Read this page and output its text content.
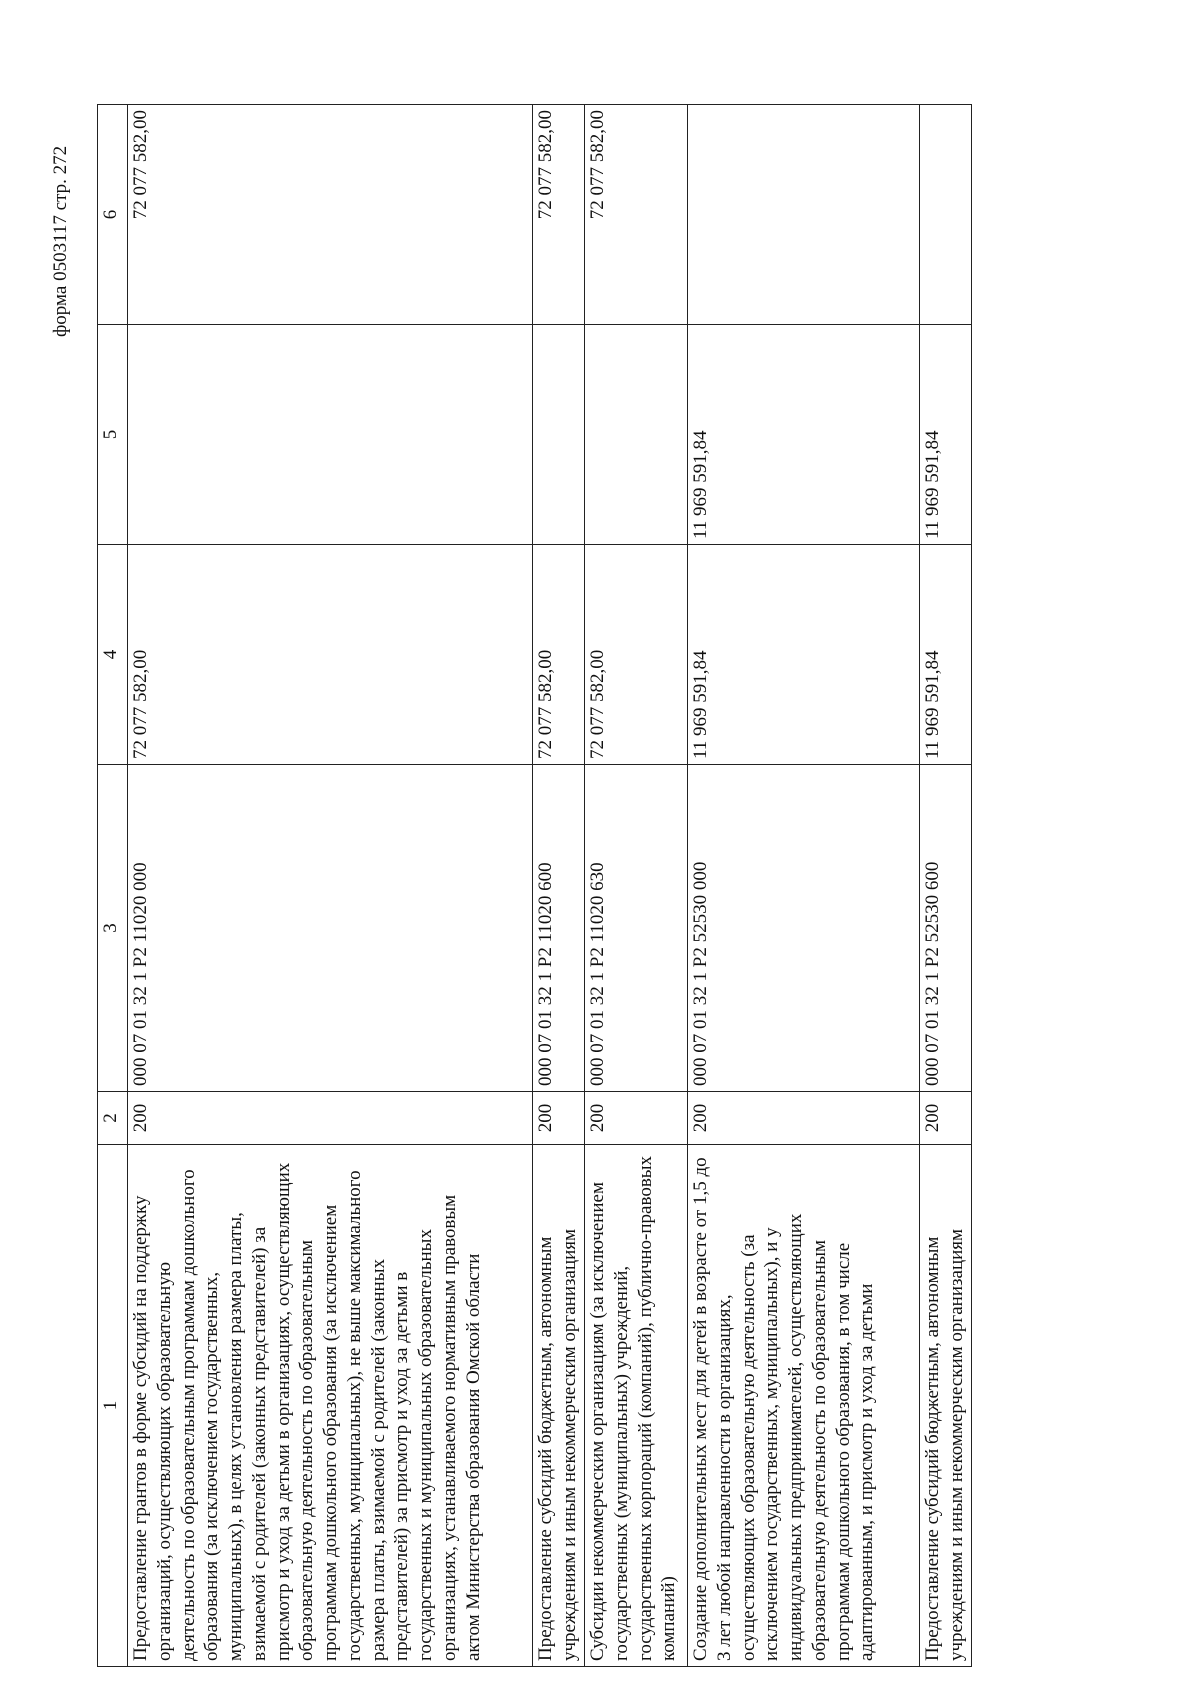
форма 0503117 стр. 272
1	2	3	4	5	6
Предоставление грантов в форме субсидий на поддержку организаций, осуществляющих образовательную деятельность по образовательным программам дошкольного образования (за исключением государственных, муниципальных), в целях установления размера платы, взимаемой с родителей (законных представителей) за присмотр и уход за детьми в организациях, осуществляющих образовательную деятельность по образовательным программам дошкольного образования (за исключением государственных, муниципальных), не выше максимального размера платы, взимаемой с родителей (законных представителей) за присмотр и уход за детьми в государственных и муниципальных образовательных организациях, устанавливаемого нормативным правовым актом Министерства образования Омской области	200	000 07 01 32 1 P2 11020 000	72 077 582,00		72 077 582,00
Предоставление субсидий бюджетным, автономным учреждениям и иным некоммерческим организациям	200	000 07 01 32 1 P2 11020 600	72 077 582,00		72 077 582,00
Субсидии некоммерческим организациям (за исключением государственных (муниципальных) учреждений, государственных корпораций (компаний), публично-правовых компаний)	200	000 07 01 32 1 P2 11020 630	72 077 582,00		72 077 582,00
Создание дополнительных мест для детей в возрасте от 1,5 до 3 лет любой направленности в организациях, осуществляющих образовательную деятельность (за исключением государственных, муниципальных), и у индивидуальных предпринимателей, осуществляющих образовательную деятельность по образовательным программам дошкольного образования, в том числе адаптированным, и присмотр и уход за детьми	200	000 07 01 32 1 P2 52530 000	11 969 591,84	11 969 591,84	
Предоставление субсидий бюджетным, автономным учреждениям и иным некоммерческим организациям	200	000 07 01 32 1 P2 52530 600	11 969 591,84	11 969 591,84	
